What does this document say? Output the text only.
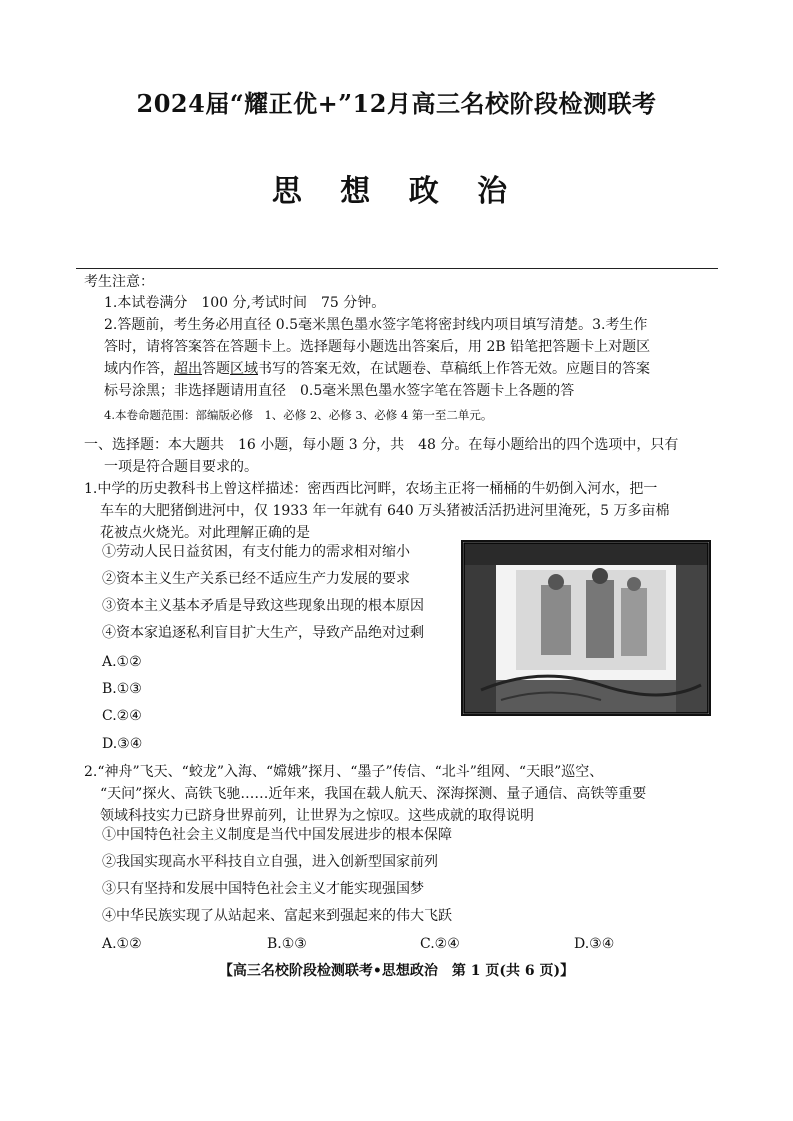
2024届“耀正优+”12月高三名校阶段检测联考
思 想 政 治
考生注意：
1.本试卷满分　100 分,考试时间　75 分钟。
2.答题前，考生务必用直径 0.5毫米黑色墨水签字笔将密封线内项目填写清楚。3.考生作
答时，请将答案答在答题卡上。选择题每小题选出答案后，用 2B 铅笔把答题卡上对题区
域内作答，超出答题区域书写的答案无效，在试题卷、草稿纸上作答无效。应题目的答案
标号涂黑；非选择题请用直径　0.5毫米黑色墨水签字笔在答题卡上各题的答
4.本卷命题范围：部编版必修　1、必修 2、必修 3、必修 4 第一至二单元。
一、选择题：本大题共　16 小题，每小题 3 分，共　48 分。在每小题给出的四个选项中，只有
一项是符合题目要求的。
1.中学的历史教科书上曾这样描述：密西西比河畔，农场主正将一桶桶的牛奶倒入河水，把一
车车的大肥猪倒进河中，仅 1933 年一年就有 640 万头猪被活活扔进河里淹死，5 万多亩棉
花被点火烧光。对此理解正确的是
①劳动人民日益贫困，有支付能力的需求相对缩小
②资本主义生产关系已经不适应生产力发展的要求
③资本主义基本矛盾是导致这些现象出现的根本原因
④资本家追逐私利盲目扩大生产，导致产品绝对过剩
A.①②
B.①③
C.②④
D.③④
2.“神舟”飞天、“蛟龙”入海、“嫦娥”探月、“墨子”传信、“北斗”组网、“天眼”巡空、
“天问”探火、高铁飞驰……近年来，我国在载人航天、深海探测、量子通信、高铁等重要
领域科技实力已跻身世界前列，让世界为之惊叹。这些成就的取得说明
①中国特色社会主义制度是当代中国发展进步的根本保障
②我国实现高水平科技自立自强，进入创新型国家前列
③只有坚持和发展中国特色社会主义才能实现强国梦
④中华民族实现了从站起来、富起来到强起来的伟大飞跃
A.①②	B.①③	C.②④	D.③④
【高三名校阶段检测联考•思想政治　第 1 页(共 6 页)】
